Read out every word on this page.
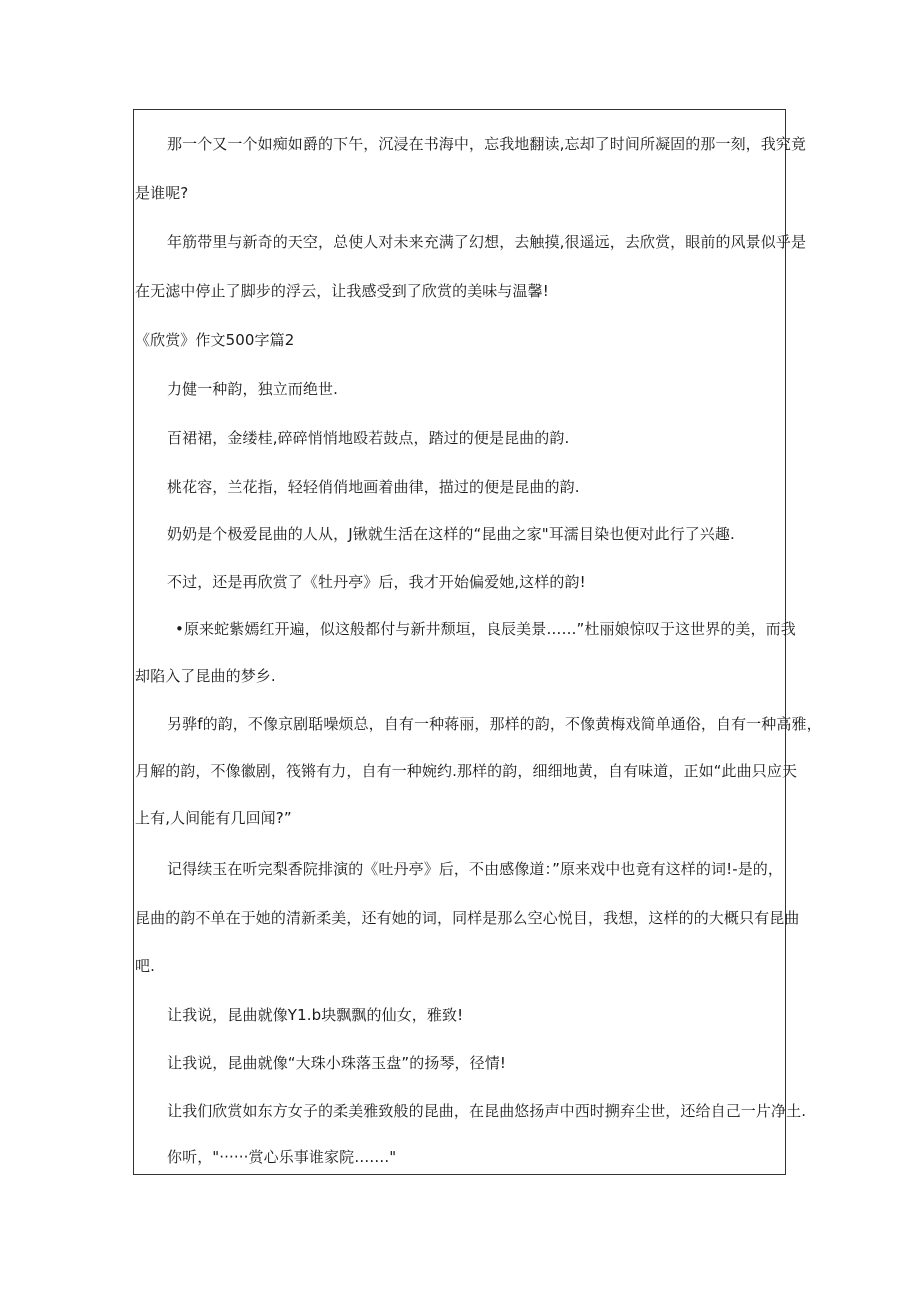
那一个又一个如痴如爵的下午，沉浸在书海中，忘我地翻读,忘却了时间所凝固的那一刻，我究竟

是谁呢?

年筋带里与新奇的天空，总使人对未来充满了幻想，去触摸,很遥远，去欣赏，眼前的风景似乎是

在无滤中停止了脚步的浮云，让我感受到了欣赏的美味与温馨!

《欣赏》作文500字篇2

力健一种韵，独立而绝世.

百裙裙，金缕桂,碎碎悄悄地殴若鼓点，踏过的便是昆曲的韵.

桃花容，兰花指，轻轻俏俏地画着曲律，描过的便是昆曲的韵.

奶奶是个极爱昆曲的人从，J锹就生活在这样的“昆曲之家"耳濡目染也便对此行了兴趣.

不过，还是再欣赏了《牡丹亭》后，我才开始偏爱她,这样的韵!

•原来蛇紫嫣红开遍，似这般都付与新井颓垣，良辰美景……”杜丽娘惊叹于这世界的美，而我

却陷入了昆曲的梦乡.

另骅f的韵，不像京剧聒噪烦总，自有一种蒋丽，那样的韵，不像黄梅戏简单通俗，自有一种高雅，

月解的韵，不像徽剧，筏锵有力，自有一种婉约.那样的韵，细细地黄，自有味道，正如“此曲只应天

上有,人间能有几回闻?”

记得续玉在听完梨香院排演的《吐丹亭》后，不由感像道：”原来戏中也竟有这样的词!-是的，

昆曲的韵不单在于她的清新柔美，还有她的词，同样是那么空心悦目，我想，这样的的大概只有昆曲

吧.

让我说，昆曲就像Y1.b块飘飘的仙女，雅致!

让我说，昆曲就像“大珠小珠落玉盘”的扬琴，径情!

让我们欣赏如东方女子的柔美雅致般的昆曲，在昆曲悠扬声中西时搠弃尘世，还给自己一片净土.

你听，"······赏心乐事谁家院……."
